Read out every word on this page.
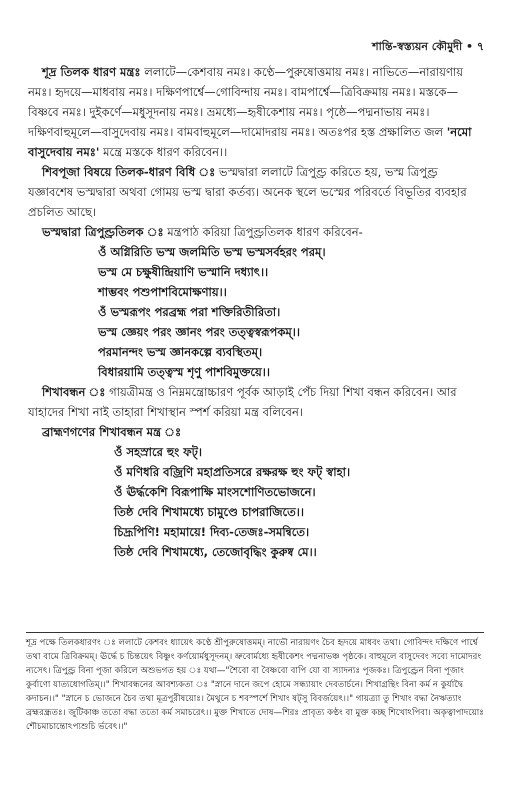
শান্তি-স্বস্ত্যয়ন কৌমুদী • ৭

শূদ্র তিলক ধারণ মন্ত্রঃ ললাটে—কেশবায় নমঃ। কণ্ঠে—পুরুষোত্তমায় নমঃ। নাভিতে—নারায়ণায় নমঃ। হৃদয়ে—মাধবায় নমঃ। দক্ষিণপার্শ্বে—গোবিন্দায় নমঃ। বামপার্শ্বে—ত্রিবিক্রমায় নমঃ। মস্তকে—বিষ্ণবে নমঃ। দুইকর্ণে—মধুসূদনায় নমঃ। ভ্রমধ্যে—হৃষীকেশায় নমঃ। পৃষ্ঠে—পদ্মনাভায় নমঃ। দক্ষিণবাহুমূলে—বাসুদেবায় নমঃ। বামবাহুমূলে—দামোদরায় নমঃ। অতঃপর হস্ত প্রক্ষালিত জল 'নমো বাসুদেবায় নমঃ' মন্ত্রে মস্তকে ধারণ করিবেন।।

শিবপূজা বিষয়ে তিলক-ধারণ বিধি ঃ ভস্মদ্বারা ললাটে ত্রিপুণ্ড্র করিতে হয়, ভস্ম ত্রিপুণ্ড্র যজ্ঞাবশেষ ভস্মদ্বারা অথবা গোময় ভস্ম দ্বারা কর্তব্য। অনেক স্থলে ভস্মের পরিবর্তে বিভূতির ব্যবহার প্রচলিত আছে।

ভস্মদ্বারা ত্রিপুণ্ড্রতিলক ঃ মন্ত্রপাঠ করিয়া ত্রিপুণ্ড্রতিলক ধারণ করিবেন-

ওঁ অগ্নিরিতি ভস্ম জলমিতি ভস্ম ভস্মসর্বহরং পরম্।

ভস্ম মে চক্ষুষীন্দ্রিয়াণি ভস্মানি দধ্যাৎ।।

শাম্ভবং পশুপাশবিমোক্ষণায়।।

ওঁ ভস্মরূপং পরব্রহ্ম পরা শক্তিরিতীরিতা।

ভস্ম জ্ঞেয়ং পরং জ্ঞানং পরং তত্ত্বস্বরূপকম্।।

পরমানন্দং ভস্ম জ্ঞানকল্পে ব্যবস্থিতম্।

বিধারয়ামি তত্ত্বস্ম শৃণু পাশবিমুক্তয়ে।।

শিখাবন্ধন ঃ গায়ত্রীমন্ত্র ও নিম্নমন্ত্রোচ্চারণ পূর্বক আড়াই পেঁচ দিয়া শিখা বন্ধন করিবেন। আর যাহাদের শিখা নাই তাহারা শিখাস্থান স্পর্শ করিয়া মন্ত্র বলিবেন।

ব্রাহ্মণগণের শিখাবন্ধন মন্ত্র ঃ

ওঁ সহস্রারে হুং ফট্।

ওঁ মণিধরি বজ্রিণি মহাপ্রতিসরে রক্ষরক্ষ হুং ফট্ স্বাহা।

ওঁ ঊর্দ্ধকেশি বিরূপাক্ষি মাংসশোণিতভোজনে।

তিষ্ঠ দেবি শিখামধ্যে চামুণ্ডে চাপরাজিতে।।

চিদ্রূপিণি! মহামায়ে! দিব্য-তেজঃ-সমন্বিতে।

তিষ্ঠ দেবি শিখামধ্যে, তেজোবৃদ্ধিং কুরুষ্ব মে।।

শূদ্র পক্ষে তিলকধারণং ঃ ললাটে কেশবং ধ্যায়েৎ কণ্ঠে শ্রীপুরুষোত্তমম্। নাভৌ নারায়ণং চৈব হৃদয়ে মাধবং তথা। গোবিন্দং দক্ষিণে পার্শ্বে তথা বামে ত্রিবিক্রমম্। ঊর্দ্ধে চ চিন্তয়েৎ বিষ্ণুং কর্ণয়োর্মধুসূদনম্। ভ্রুবোর্মধ্যে হৃষীকেশং পদ্মনাভঞ্চ পৃষ্ঠকে। বাহুমূলে বাসুদেবং সব্যে দামোদরং ন্যসেৎ। ত্রিপুণ্ড্র বিনা পূজা করিলে অশুভগত হয় ঃ যথা—"শৈবো বা বৈষ্ণবো বাপি যো বা স্যাদন্যঃ পূজকঃ। ত্রিপুণ্ড্রেন বিনা পূজাং কুর্বাণো যাত্যধোগতিম্।।" শিখাবন্ধনের আবশ্যকতা ঃ "স্নানে দানে জপে হোমে সন্ধ্যায়াং দেবতার্চনে। শিখাগ্রন্থিং বিনা কর্ম ন কুর্যাদ্বৈ কদাচন।।" "স্নানে চ ভোজনে চৈব তথা মূত্রপুরীষয়োঃ। মৈথুনে চ শবস্পর্শে শিখাং ষট্সু বিবর্জয়েৎ।।" গায়ত্র্যা তু শিখাং বদ্ধা নৈঋত্যাং ব্রহ্মরন্ধ্রতঃ। জুটিকাঞ্চ ততো বদ্ধা ততো কর্ম সমাচরেৎ।। মুক্ত শিখাতে দোষ—শিরঃ প্রাবৃত্য কণ্ঠং বা মুক্ত কচ্ছ শিখোঽপিবা। অকৃত্বাপাদয়োঃ শৌচমাচান্তোঽপ্যশুচি র্ভবেৎ।।"
